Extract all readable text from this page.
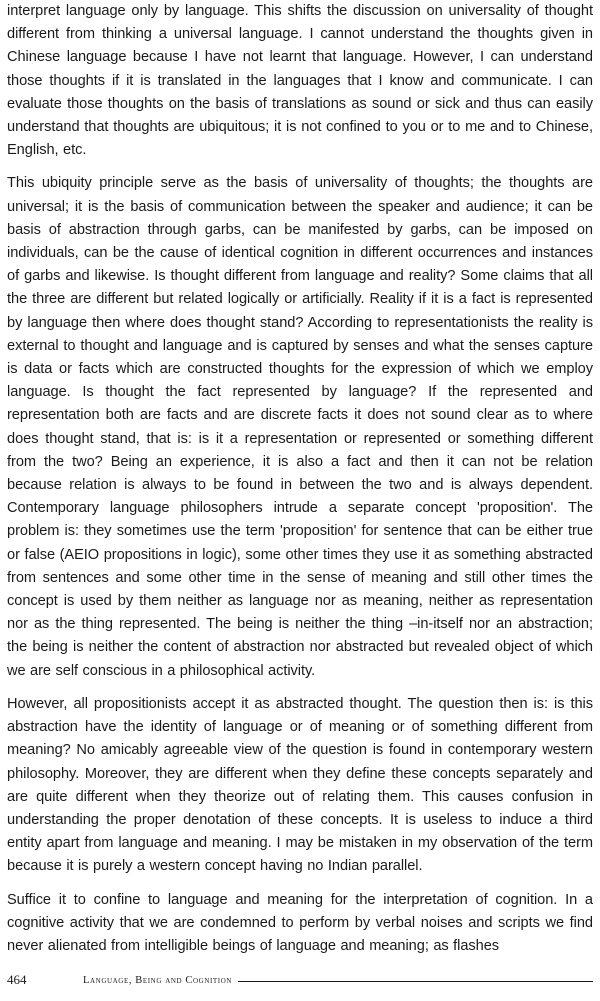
interpret language only by language. This shifts the discussion on universality of thought different from thinking a universal language. I cannot understand the thoughts given in Chinese language because I have not learnt that language. However, I can understand those thoughts if it is translated in the languages that I know and communicate. I can evaluate those thoughts on the basis of translations as sound or sick and thus can easily understand that thoughts are ubiquitous; it is not confined to you or to me and to Chinese, English, etc.

This ubiquity principle serve as the basis of universality of thoughts; the thoughts are universal; it is the basis of communication between the speaker and audience; it can be basis of abstraction through garbs, can be manifested by garbs, can be imposed on individuals, can be the cause of identical cognition in different occurrences and instances of garbs and likewise. Is thought different from language and reality? Some claims that all the three are different but related logically or artificially. Reality if it is a fact is represented by language then where does thought stand? According to representationists the reality is external to thought and language and is captured by senses and what the senses capture is data or facts which are constructed thoughts for the expression of which we employ language. Is thought the fact represented by language? If the represented and representation both are facts and are discrete facts it does not sound clear as to where does thought stand, that is: is it a representation or represented or something different from the two? Being an experience, it is also a fact and then it can not be relation because relation is always to be found in between the two and is always dependent. Contemporary language philosophers intrude a separate concept 'proposition'. The problem is: they sometimes use the term 'proposition' for sentence that can be either true or false (AEIO propositions in logic), some other times they use it as something abstracted from sentences and some other time in the sense of meaning and still other times the concept is used by them neither as language nor as meaning, neither as representation nor as the thing represented. The being is neither the thing –in-itself nor an abstraction; the being is neither the content of abstraction nor abstracted but revealed object of which we are self conscious in a philosophical activity.

However, all propositionists accept it as abstracted thought. The question then is: is this abstraction have the identity of language or of meaning or of something different from meaning? No amicably agreeable view of the question is found in contemporary western philosophy. Moreover, they are different when they define these concepts separately and are quite different when they theorize out of relating them. This causes confusion in understanding the proper denotation of these concepts. It is useless to induce a third entity apart from language and meaning. I may be mistaken in my observation of the term because it is purely a western concept having no Indian parallel.

Suffice it to confine to language and meaning for the interpretation of cognition. In a cognitive activity that we are condemned to perform by verbal noises and scripts we find never alienated from intelligible beings of language and meaning; as flashes

464	Language, Being and Cognition
